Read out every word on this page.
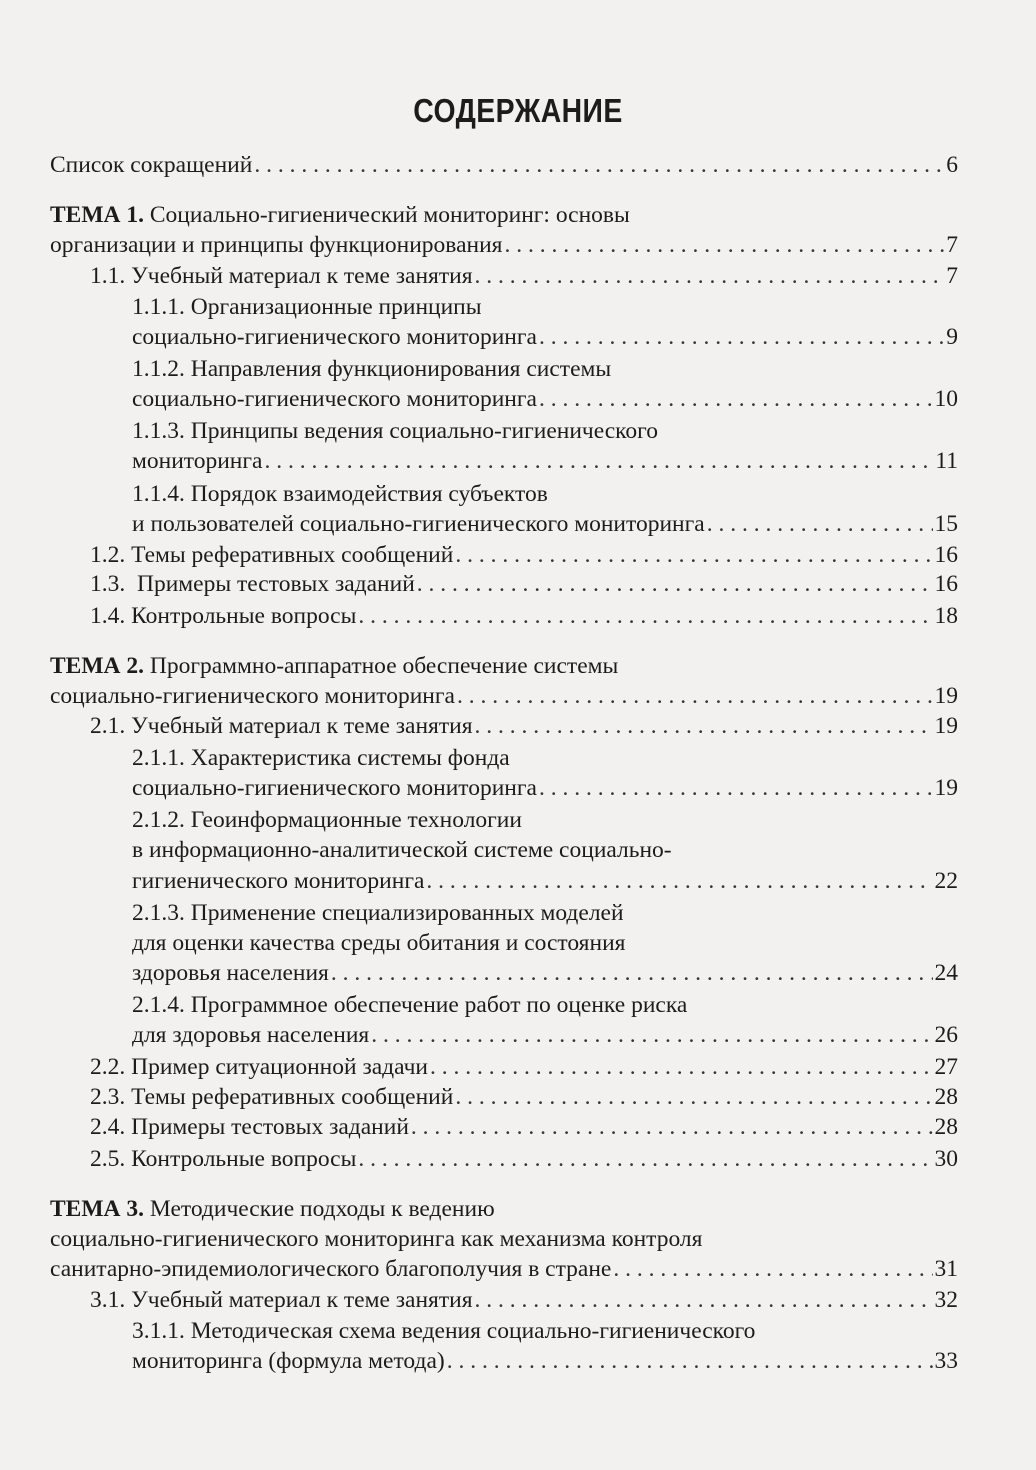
СОДЕРЖАНИЕ
Список сокращений . . .	6
ТЕМА 1. Социально-гигиенический мониторинг: основы
организации и принципы функционирования . . .	7
1.1. Учебный материал к теме занятия . . .	7
1.1.1. Организационные принципы
социально-гигиенического мониторинга . . .	9
1.1.2. Направления функционирования системы
социально-гигиенического мониторинга . . .	10
1.1.3. Принципы ведения социально-гигиенического
мониторинга . . .	11
1.1.4. Порядок взаимодействия субъектов
и пользователей социально-гигиенического мониторинга . . .	15
1.2. Темы реферативных сообщений . . .	16
1.3.  Примеры тестовых заданий . . .	16
1.4. Контрольные вопросы . . .	18
ТЕМА 2. Программно-аппаратное обеспечение системы
социально-гигиенического мониторинга . . .	19
2.1. Учебный материал к теме занятия . . .	19
2.1.1. Характеристика системы фонда
социально-гигиенического мониторинга . . .	19
2.1.2. Геоинформационные технологии
в информационно-аналитической системе социально-
гигиенического мониторинга . . .	22
2.1.3. Применение специализированных моделей
для оценки качества среды обитания и состояния
здоровья населения . . .	24
2.1.4. Программное обеспечение работ по оценке риска
для здоровья населения . . .	26
2.2. Пример ситуационной задачи . . .	27
2.3. Темы реферативных сообщений . . .	28
2.4. Примеры тестовых заданий . . .	28
2.5. Контрольные вопросы . . .	30
ТЕМА 3. Методические подходы к ведению
социально-гигиенического мониторинга как механизма контроля
санитарно-эпидемиологического благополучия в стране . . .	31
3.1. Учебный материал к теме занятия . . .	32
3.1.1. Методическая схема ведения социально-гигиенического
мониторинга (формула метода) . . .	33
